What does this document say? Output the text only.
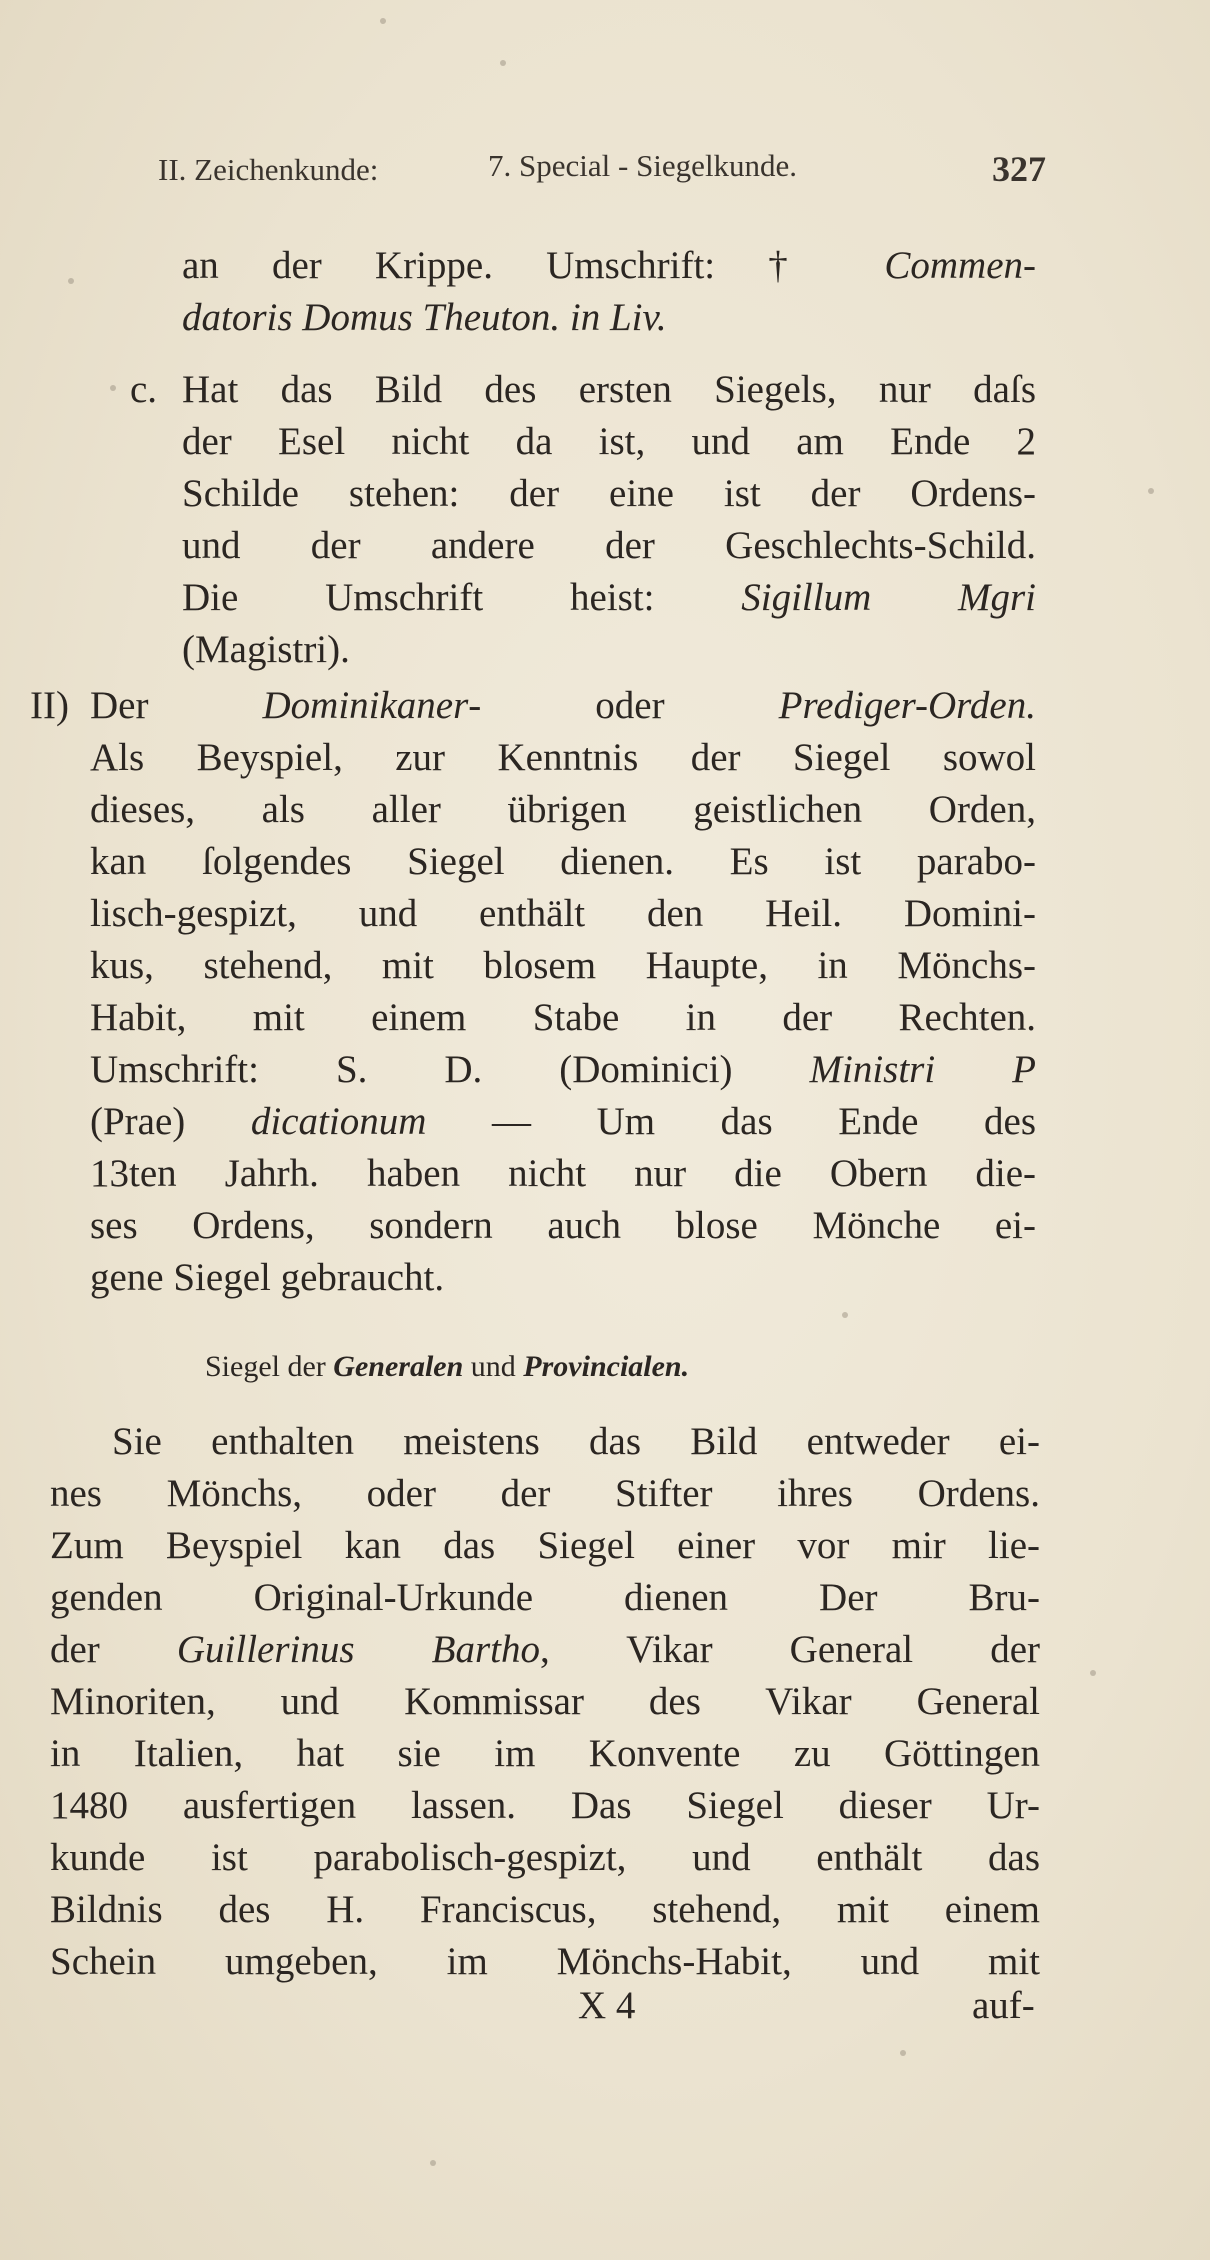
II. Zeichenkunde:	7. Special - Siegelkunde.	327
an der Krippe. Umschrift: † Commen-
datoris Domus Theuton. in Liv.
c. Hat das Bild des ersten Siegels, nur daſs
der Esel nicht da ist, und am Ende 2
Schilde stehen: der eine ist der Ordens-
und der andere der Geschlechts-Schild.
Die Umschrift heist: Sigillum Mgri
(Magistri).
II) Der Dominikaner- oder Prediger-Orden.
Als Beyspiel, zur Kenntnis der Siegel sowol
dieses, als aller übrigen geistlichen Orden,
kan ſolgendes Siegel dienen. Es ist parabo-
lisch-gespizt, und enthält den Heil. Domini-
kus, stehend, mit blosem Haupte, in Mönchs-
Habit, mit einem Stabe in der Rechten.
Umschrift: S. D. (Dominici) Ministri P
(Prae) dicationum — Um das Ende des
13ten Jahrh. haben nicht nur die Obern die-
ses Ordens, sondern auch blose Mönche ei-
gene Siegel gebraucht.
Siegel der Generalen und Provincialen.
Sie enthalten meistens das Bild entweder ei-
nes Mönchs, oder der Stifter ihres Ordens.
Zum Beyspiel kan das Siegel einer vor mir lie-
genden Original-Urkunde dienen Der Bru-
der Guillerinus Bartho, Vikar General der
Minoriten, und Kommissar des Vikar General
in Italien, hat sie im Konvente zu Göttingen
1480 ausfertigen lassen. Das Siegel dieser Ur-
kunde ist parabolisch-gespizt, und enthält das
Bildnis des H. Franciscus, stehend, mit einem
Schein umgeben, im Mönchs-Habit, und mit
X 4	auf-
